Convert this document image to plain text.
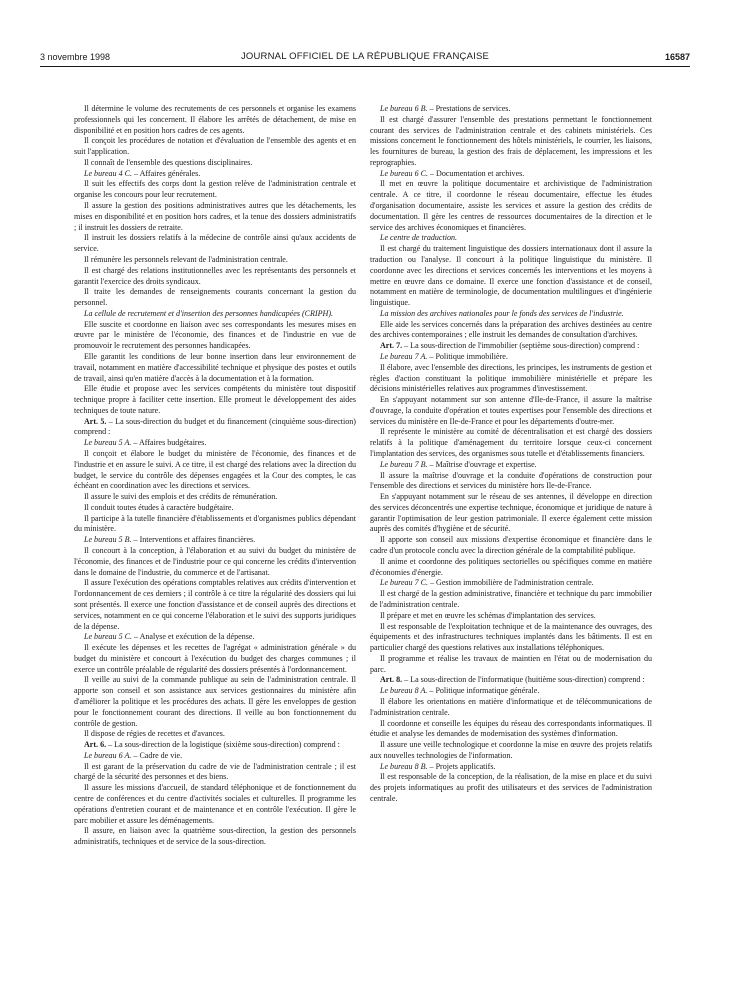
3 novembre 1998	JOURNAL OFFICIEL DE LA RÉPUBLIQUE FRANÇAISE	16587

Il détermine le volume des recrutements de ces personnels et organise les examens professionnels qui les concernent. Il élabore les arrêtés de détachement, de mise en disponibilité et en position hors cadres de ces agents.

Il conçoit les procédures de notation et d'évaluation de l'ensemble des agents et en suit l'application.

Il connaît de l'ensemble des questions disciplinaires.

Le bureau 4 C. – Affaires générales.

Il suit les effectifs des corps dont la gestion relève de l'administration centrale et organise les concours pour leur recrutement.

Il assure la gestion des positions administratives autres que les détachements, les mises en disponibilité et en position hors cadres, et la tenue des dossiers administratifs ; il instruit les dossiers de retraite.

Il instruit les dossiers relatifs à la médecine de contrôle ainsi qu'aux accidents de service.

Il rémunère les personnels relevant de l'administration centrale.

Il est chargé des relations institutionnelles avec les représentants des personnels et garantit l'exercice des droits syndicaux.

Il traite les demandes de renseignements courants concernant la gestion du personnel.

La cellule de recrutement et d'insertion des personnes handicapées (CRIPH).

Elle suscite et coordonne en liaison avec ses correspondants les mesures mises en œuvre par le ministère de l'économie, des finances et de l'industrie en vue de promouvoir le recrutement des personnes handicapées.

Elle garantit les conditions de leur bonne insertion dans leur environnement de travail, notamment en matière d'accessibilité technique et physique des postes et outils de travail, ainsi qu'en matière d'accès à la documentation et à la formation.

Elle étudie et propose avec les services compétents du ministère tout dispositif technique propre à faciliter cette insertion. Elle promeut le développement des aides techniques de toute nature.

Art. 5. – La sous-direction du budget et du financement (cinquième sous-direction) comprend :

Le bureau 5 A. – Affaires budgétaires.

Il conçoit et élabore le budget du ministère de l'économie, des finances et de l'industrie et en assure le suivi. A ce titre, il est chargé des relations avec la direction du budget, le service du contrôle des dépenses engagées et la Cour des comptes, le cas échéant en coordination avec les directions et services.

Il assure le suivi des emplois et des crédits de rémunération.

Il conduit toutes études à caractère budgétaire.

Il participe à la tutelle financière d'établissements et d'organismes publics dépendant du ministère.

Le bureau 5 B. – Interventions et affaires financières.

Il concourt à la conception, à l'élaboration et au suivi du budget du ministère de l'économie, des finances et de l'industrie pour ce qui concerne les crédits d'intervention dans le domaine de l'industrie, du commerce et de l'artisanat.

Il assure l'exécution des opérations comptables relatives aux crédits d'intervention et l'ordonnancement de ces derniers ; il contrôle à ce titre la régularité des dossiers qui lui sont présentés. Il exerce une fonction d'assistance et de conseil auprès des directions et services, notamment en ce qui concerne l'élaboration et le suivi des supports juridiques de la dépense.

Le bureau 5 C. – Analyse et exécution de la dépense.

Il exécute les dépenses et les recettes de l'agrégat « administration générale » du budget du ministère et concourt à l'exécution du budget des charges communes ; il exerce un contrôle préalable de régularité des dossiers présentés à l'ordonnancement.

Il veille au suivi de la commande publique au sein de l'administration centrale. Il apporte son conseil et son assistance aux services gestionnaires du ministère afin d'améliorer la politique et les procédures des achats. Il gère les enveloppes de gestion pour le fonctionnement courant des directions. Il veille au bon fonctionnement du contrôle de gestion.

Il dispose de régies de recettes et d'avances.

Art. 6. – La sous-direction de la logistique (sixième sous-direction) comprend :

Le bureau 6 A. – Cadre de vie.

Il est garant de la préservation du cadre de vie de l'administration centrale ; il est chargé de la sécurité des personnes et des biens.

Il assure les missions d'accueil, de standard téléphonique et de fonctionnement du centre de conférences et du centre d'activités sociales et culturelles. Il programme les opérations d'entretien courant et de maintenance et en contrôle l'exécution. Il gère le parc mobilier et assure les déménagements.

Il assure, en liaison avec la quatrième sous-direction, la gestion des personnels administratifs, techniques et de service de la sous-direction.

Le bureau 6 B. – Prestations de services.

Il est chargé d'assurer l'ensemble des prestations permettant le fonctionnement courant des services de l'administration centrale et des cabinets ministériels. Ces missions concernent le fonctionnement des hôtels ministériels, le courrier, les liaisons, les fournitures de bureau, la gestion des frais de déplacement, les impressions et les reprographies.

Le bureau 6 C. – Documentation et archives.

Il met en œuvre la politique documentaire et archivistique de l'administration centrale. A ce titre, il coordonne le réseau documentaire, effectue les études d'organisation documentaire, assiste les services et assure la gestion des crédits de documentation. Il gère les centres de ressources documentaires de la direction et le service des archives économiques et financières.

Le centre de traduction.

Il est chargé du traitement linguistique des dossiers internationaux dont il assure la traduction ou l'analyse. Il concourt à la politique linguistique du ministère. Il coordonne avec les directions et services concernés les interventions et les moyens à mettre en œuvre dans ce domaine. Il exerce une fonction d'assistance et de conseil, notamment en matière de terminologie, de documentation multilingues et d'ingénierie linguistique.

La mission des archives nationales pour le fonds des services de l'industrie.

Elle aide les services concernés dans la préparation des archives destinées au centre des archives contemporaines ; elle instruit les demandes de consultation d'archives.

Art. 7. – La sous-direction de l'immobilier (septième sous-direction) comprend :

Le bureau 7 A. – Politique immobilière.

Il élabore, avec l'ensemble des directions, les principes, les instruments de gestion et règles d'action constituant la politique immobilière ministérielle et prépare les décisions ministérielles relatives aux programmes d'investissement.

En s'appuyant notamment sur son antenne d'Ile-de-France, il assure la maîtrise d'ouvrage, la conduite d'opération et toutes expertises pour l'ensemble des directions et services du ministère en Ile-de-France et pour les départements d'outre-mer.

Il représente le ministère au comité de décentralisation et est chargé des dossiers relatifs à la politique d'aménagement du territoire lorsque ceux-ci concernent l'implantation des services, des organismes sous tutelle et d'établissements financiers.

Le bureau 7 B. – Maîtrise d'ouvrage et expertise.

Il assure la maîtrise d'ouvrage et la conduite d'opérations de construction pour l'ensemble des directions et services du ministère hors Ile-de-France.

En s'appuyant notamment sur le réseau de ses antennes, il développe en direction des services déconcentrés une expertise technique, économique et juridique de nature à garantir l'optimisation de leur gestion patrimoniale. Il exerce également cette mission auprès des comités d'hygiène et de sécurité.

Il apporte son conseil aux missions d'expertise économique et financière dans le cadre d'un protocole conclu avec la direction générale de la comptabilité publique.

Il anime et coordonne des politiques sectorielles ou spécifiques comme en matière d'économies d'énergie.

Le bureau 7 C. – Gestion immobilière de l'administration centrale.

Il est chargé de la gestion administrative, financière et technique du parc immobilier de l'administration centrale.

Il prépare et met en œuvre les schémas d'implantation des services.

Il est responsable de l'exploitation technique et de la maintenance des ouvrages, des équipements et des infrastructures techniques implantés dans les bâtiments. Il est en particulier chargé des questions relatives aux installations téléphoniques.

Il programme et réalise les travaux de maintien en l'état ou de modernisation du parc.

Art. 8. – La sous-direction de l'informatique (huitième sous-direction) comprend :

Le bureau 8 A. – Politique informatique générale.

Il élabore les orientations en matière d'informatique et de télécommunications de l'administration centrale.

Il coordonne et conseille les équipes du réseau des correspondants informatiques. Il étudie et analyse les demandes de modernisation des systèmes d'information.

Il assure une veille technologique et coordonne la mise en œuvre des projets relatifs aux nouvelles technologies de l'information.

Le bureau 8 B. – Projets applicatifs.

Il est responsable de la conception, de la réalisation, de la mise en place et du suivi des projets informatiques au profit des utilisateurs et des services de l'administration centrale.
